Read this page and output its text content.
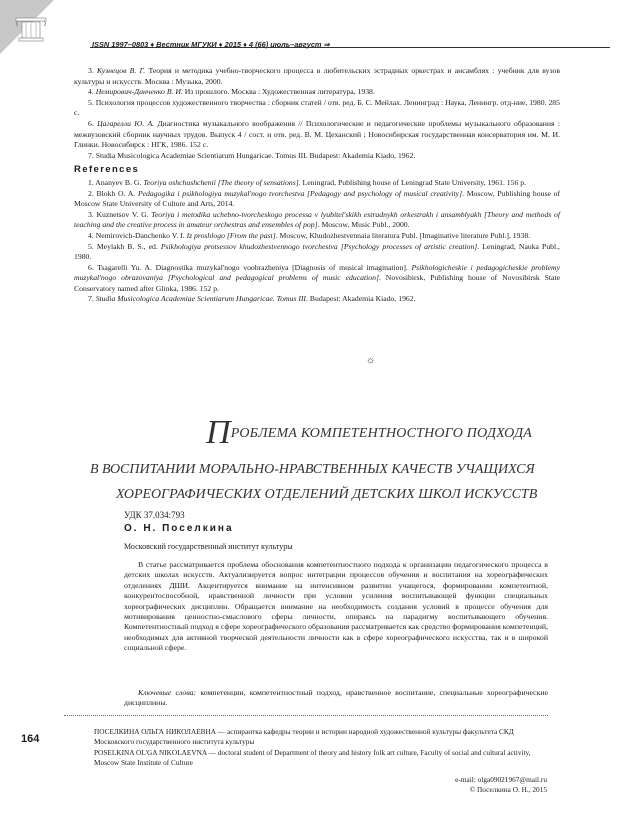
ISSN 1997–0803 ♦ Вестник МГУКИ ♦ 2015 ♦ 4 (66) июль–август ⇒

3. Кузнецов В. Г. Теория и методика учебно-творческого процесса в любительских эстрадных оркестрах и ансамблях : учебник для вузов культуры и искусств. Москва : Музыка, 2000.

4. Немирович-Данченко В. И. Из прошлого. Москва : Художественная литература, 1938.

5. Психология процессов художественного творчества : сборник статей / отв. ред. Б. С. Мейлах. Ленинград : Наука, Ленингр. отд-ние, 1980. 285 с.

6. Цагарелли Ю. А. Диагностика музыкального воображения // Психологические и педагогические проблемы музыкального образования : межвузовский сборник научных трудов. Выпуск 4 / сост. и отв. ред. В. М. Цеханский ; Новосибирская государственная консерватория им. М. И. Глинки. Новосибирск : НГК, 1986. 152 с.

7. Studia Musicologica Academiae Scientiarum Hungaricae. Tomus III. Budapest: Akademia Kiado, 1962.

References

1. Ananyev B. G. Teoriya oshchushchenii [The theory of sensations]. Leningrad, Publishing house of Leningrad State University, 1961. 156 p.

2. Blokh O. A. Pedagogika i psikhologiya muzykal'nogo tvorchestva [Pedagogy and psychology of musical creativity]. Moscow, Publishing house of Moscow State University of Culture and Arts, 2014.

3. Kuznetsov V. G. Teoriya i metodika uchebno-tvorcheskogo processa v lyubitel'skikh estradnykh orkestrakh i ansamblyakh [Theory and methods of teaching and the creative process in amateur orchestras and ensembles of pop]. Moscow, Music Publ., 2000.

4. Nemirovich-Danchenko V. I. Iz proshlogo [From the past]. Moscow, Khudozhestvennaia literatura Publ. [Imaginative literature Publ.], 1938.

5. Meylakh B. S., ed. Psikhologiya protsessov khudozhestvennogo tvorchestva [Psychology processes of artistic creation]. Leningrad, Nauka Publ., 1980.

6. Tsagarelli Yu. A. Diagnostika muzykal'nogo voobrazheniya [Diagnosis of musical imagination]. Psikhologicheskie i pedagogicheskie problemy muzykal'nogo obrazovaniya [Psychological and pedagogical problems of music education]. Novosibirsk, Publishing house of Novosibirsk State Conservatory named after Glinka, 1986. 152 p.

7. Studia Musicologica Academiae Scientiarum Hungaricae. Tomus III. Budapest: Akademia Kiado, 1962.

☼
ПРОБЛЕМА КОМПЕТЕНТНОСТНОГО ПОДХОДА
В ВОСПИТАНИИ МОРАЛЬНО-НРАВСТВЕННЫХ КАЧЕСТВ УЧАЩИХСЯ
ХОРЕОГРАФИЧЕСКИХ ОТДЕЛЕНИЙ ДЕТСКИХ ШКОЛ ИСКУССТВ
УДК 37.034:793
О. Н. Поселкина
Московский государственный институт культуры
В статье рассматривается проблема обоснования компетентностного подхода к организации педагогического процесса в детских школах искусств. Актуализируется вопрос интеграции процессов обучения и воспитания на хореографических отделениях ДШИ. Акцентируется внимание на интенсивном развитии учащегося, формировании компетентной, конкурентоспособной, нравственной личности при условии усиления воспитывающей функции специальных хореографических дисциплин. Обращается внимание на необходимость создания условий в процессе обучения для мотивирования ценностно-смыслового сферы личности, опираясь на парадигму воспитывающего обучения. Компетентностный подход в сфере хореографического образования рассматривается как средство формирования компетенций, необходимых для активной творческой деятельности личности как в сфере хореографического искусства, так и в широкой социальной сфере.
Ключевые слова: компетенции, компетентностный подход, нравственное воспитание, специальные хореографические дисциплины.
164
ПОСЕЛКИНА ОЛЬГА НИКОЛАЕВНА — аспирантка кафедры теории и истории народной художественной культуры факультета СКД Московского государственного института культуры
POSELKINA OL'GA NIKOLAEVNA — doctoral student of Department of theory and history folk art culture, Faculty of social and cultural activity, Moscow State Institute of Culture
e-mail: olga09021967@mail.ru
© Поселкина О. Н., 2015
